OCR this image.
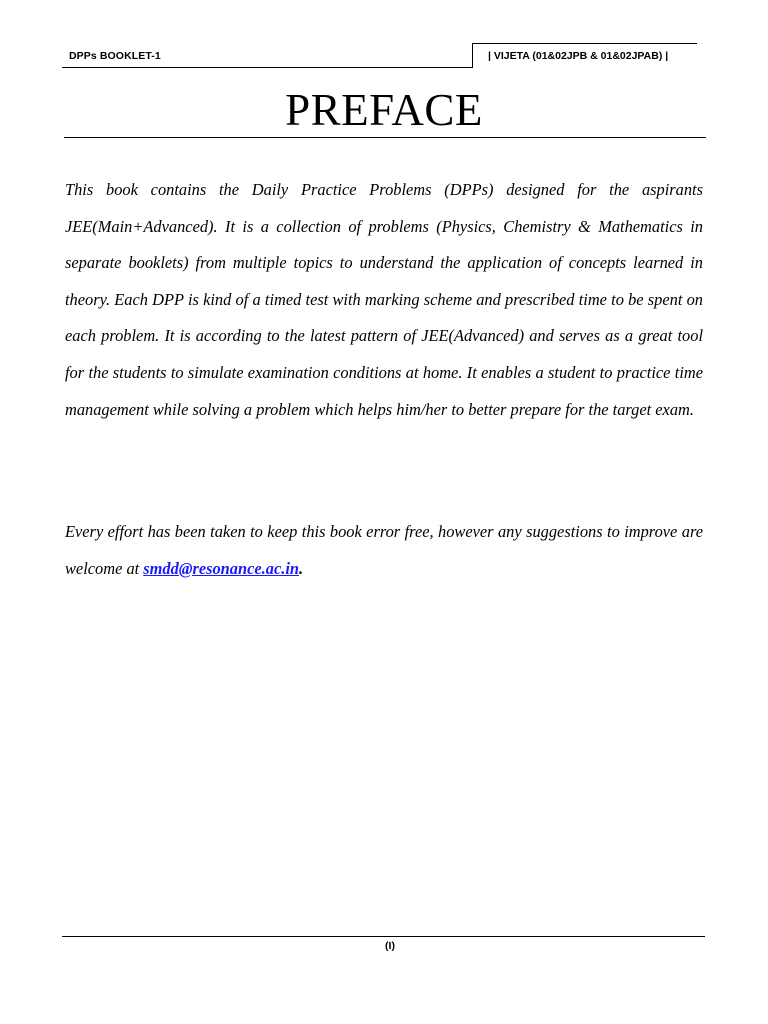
DPPs BOOKLET-1	| VIJETA (01&02JPB & 01&02JPAB) |
PREFACE

This book contains the Daily Practice Problems (DPPs) designed for the aspirants JEE(Main+Advanced). It is a collection of problems (Physics, Chemistry & Mathematics in separate booklets) from multiple topics to understand the application of concepts learned in theory. Each DPP is kind of a timed test with marking scheme and prescribed time to be spent on each problem. It is according to the latest pattern of JEE(Advanced) and serves as a great tool for the students to simulate examination conditions at home. It enables a student to practice time management while solving a problem which helps him/her to better prepare for the target exam.

Every effort has been taken to keep this book error free, however any suggestions to improve are welcome at smdd@resonance.ac.in.

(I)
